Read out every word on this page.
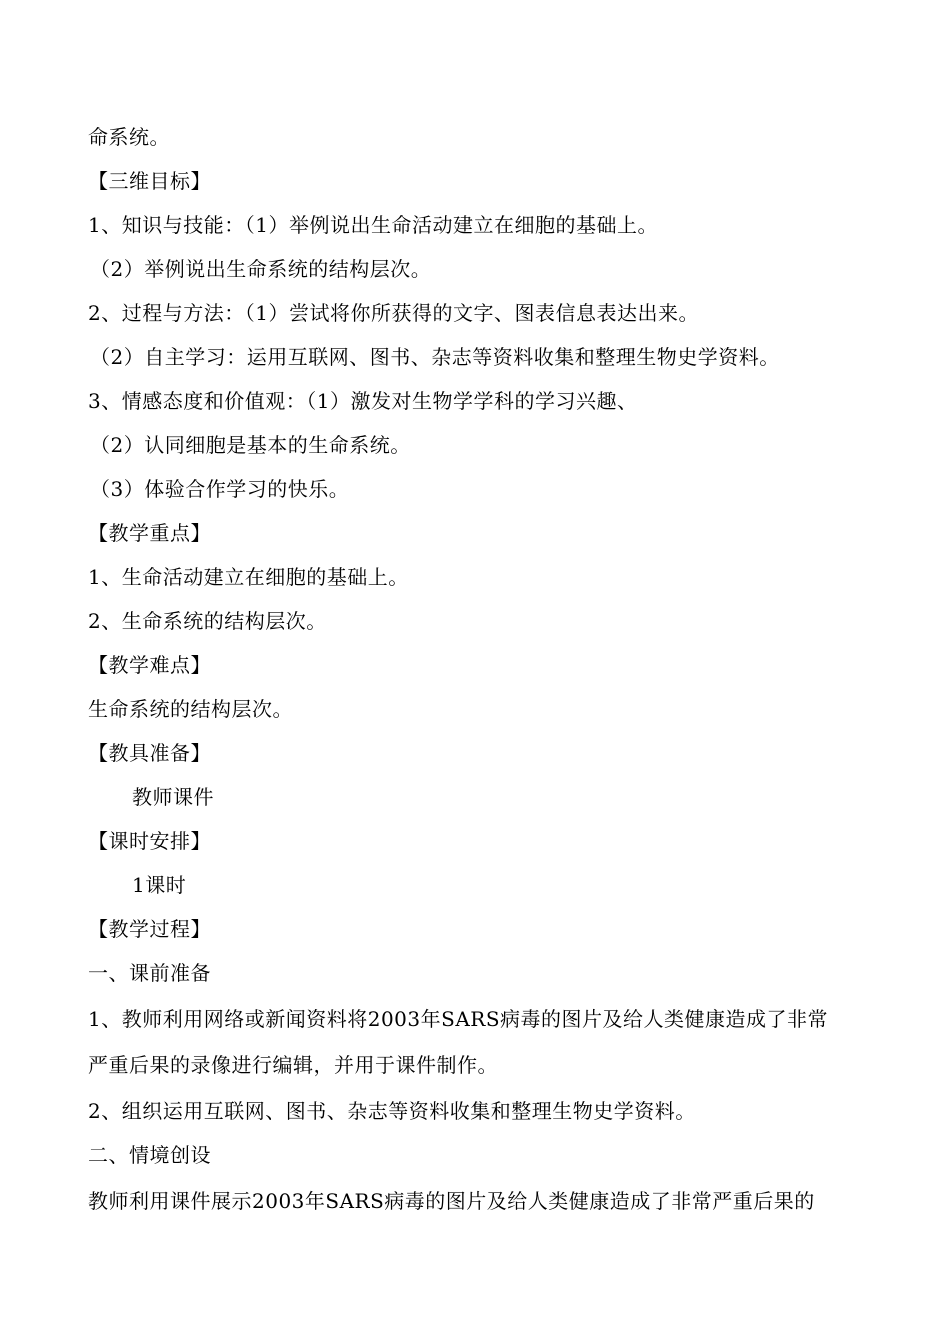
命系统。
【三维目标】
1、知识与技能：（1）举例说出生命活动建立在细胞的基础上。
（2）举例说出生命系统的结构层次。
2、过程与方法：（1）尝试将你所获得的文字、图表信息表达出来。
（2）自主学习：运用互联网、图书、杂志等资料收集和整理生物史学资料。
3、情感态度和价值观：（1）激发对生物学学科的学习兴趣、
（2）认同细胞是基本的生命系统。
（3）体验合作学习的快乐。
【教学重点】
1、生命活动建立在细胞的基础上。
2、生命系统的结构层次。
【教学难点】
生命系统的结构层次。
【教具准备】
教师课件
【课时安排】
1课时
【教学过程】
一、课前准备
1、教师利用网络或新闻资料将2003年SARS病毒的图片及给人类健康造成了非常
严重后果的录像进行编辑，并用于课件制作。
2、组织运用互联网、图书、杂志等资料收集和整理生物史学资料。
二、情境创设
教师利用课件展示2003年SARS病毒的图片及给人类健康造成了非常严重后果的
